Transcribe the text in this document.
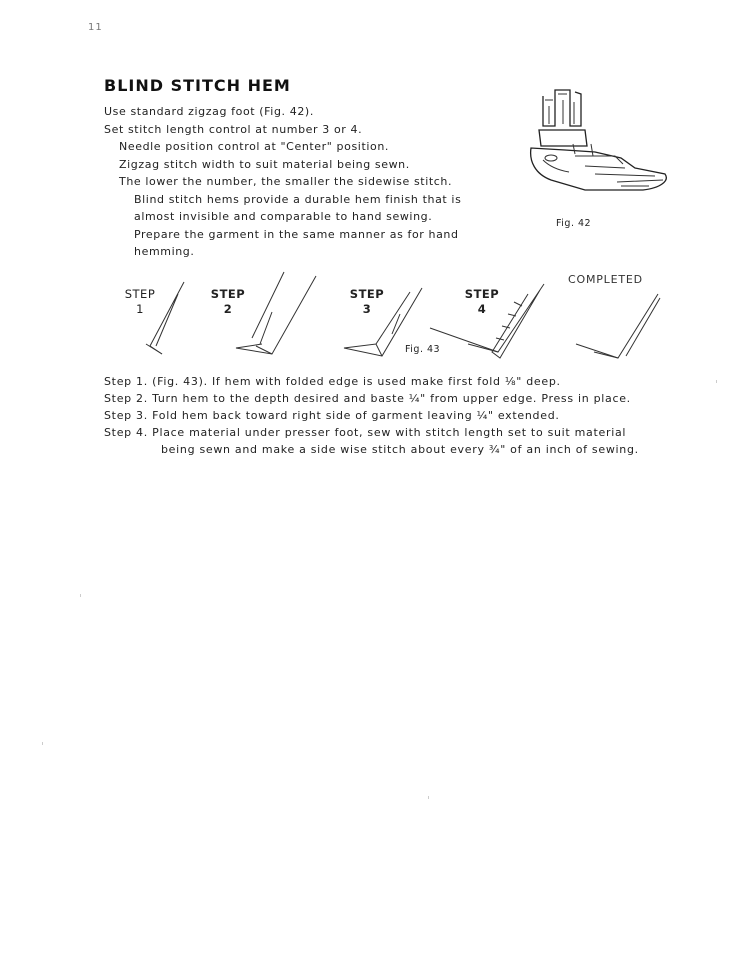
11
BLIND STITCH HEM
Use standard zigzag foot (Fig. 42).
Set stitch length control at number 3 or 4.
Needle position control at "Center" position.
Zigzag stitch width to suit material being sewn.
The lower the number, the smaller the sidewise stitch.
Blind stitch hems provide a durable hem finish that is
almost invisible and comparable to hand sewing.
Prepare the garment in the same manner as for hand
hemming.
Fig. 42
STEP
1
STEP
2
STEP
3
STEP
4
COMPLETED
Fig. 43
Step 1. (Fig. 43). If hem with folded edge is used make first fold ⅛" deep.
Step 2. Turn hem to the depth desired and baste ¼" from upper edge. Press in place.
Step 3. Fold hem back toward right side of garment leaving ¼" extended.
Step 4. Place material under presser foot, sew with stitch length set to suit material
being sewn and make a side wise stitch about every ¾" of an inch of sewing.
